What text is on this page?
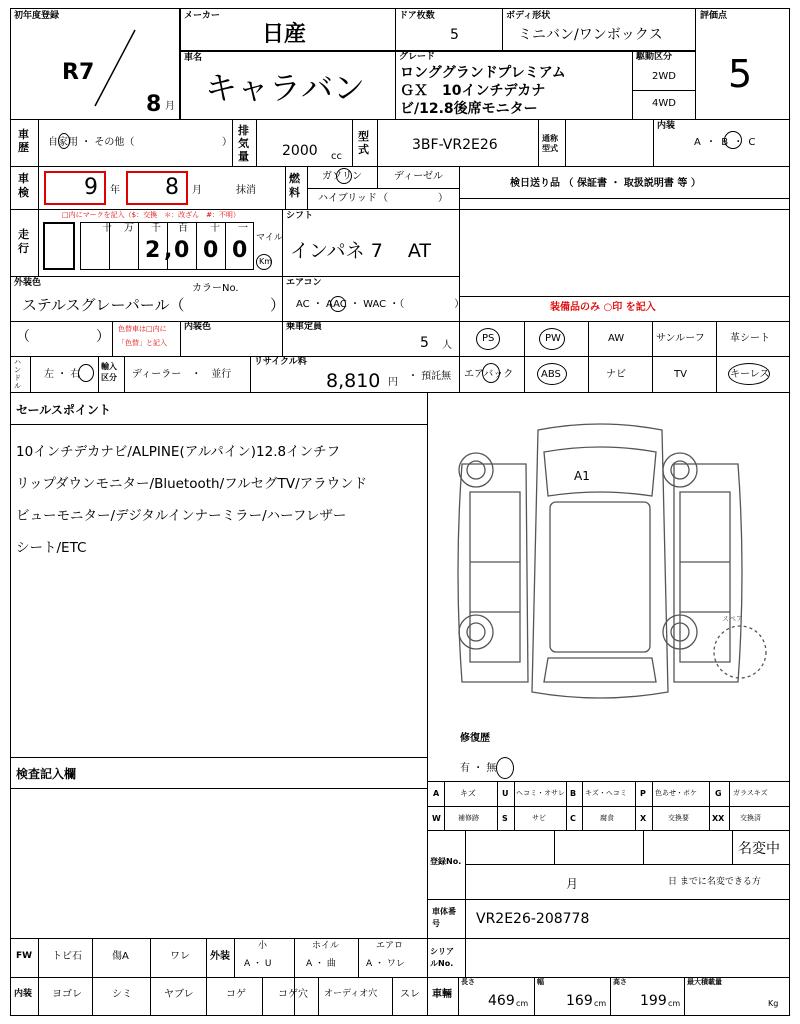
初年度登録
R7
8 月
メーカー
日産
車名
キャラバン
ドア枚数
5
ボディ形状
ミニバン/ワンボックス
グレード
ロンググランドプレミアム
ＧＸ　10インチデカナ
ビ/12.8後席モニター
駆動区分
2WD
4WD
評価点
5
車歴	自家用 ・ その他（	）
排気量 2000 cc
型式	3BF-VR2E26	通称型式
内装
A ・ B ・ C
車検	9 年 8 月	抹消
燃料
ガソリン	ディーゼル
ハイブリッド （　　　　　）
検日送り品 （ 保証書 ・ 取扱説明書 等 ）
走行
□内にマークを記入（$：交換　＊：改ざん　#：不明）
十 万 千 百 十 一
2 , 0 0 0 マイル
Km
シフト
インパネ 7　 AT
外装色	カラーNo.
ステルスグレーパール（	）
エアコン
AC ・ AAC ・ WAC ・（　　　　　）	装備品のみ ○印 を記入
（	） 色替車は□内に
「色替」と記入
内装色	乗車定員
5 人
PS	PW	AW	サンルーフ	革シート
ハンドル
左 ・ 右
輸入区分	ディーラー　・　並行
リサイクル料
8,810 円
・ 預託無 エアバック	ABS	ナビ	TV	キーレス
セールスポイント
10インチデカナビ/ALPINE(アルパイン)12.8インチフ
リップダウンモニター/Bluetooth/フルセグTV/アラウンド
ビューモニター/デジタルインナーミラー/ハーフレザー
シート/ETC
A1
スペア
修復歴
有 ・ 無
検査記入欄
A	キズ	U ヘコミ・オサレ B キズ・ヘコミ P 色あせ・ボケ G ガラスキズ
W 補修跡	S	サビ	C	腐食	X	交換要	XX 交換済
登録No.
名変中
月	日 までに名変できる方
車体番号	VR2E26-208778
FW トビ石	傷A	ワレ 外装
小
A ・ U
ホイル
A ・ 曲
エアロ
A ・ ワレ
シリアルNo.
内装 ヨゴレ	シミ	ヤブレ	コゲ	コゲ穴 オーディオ穴 スレ 車輛
長さ
469 cm
幅
169 cm
高さ
199 cm
最大積載量
Kg
